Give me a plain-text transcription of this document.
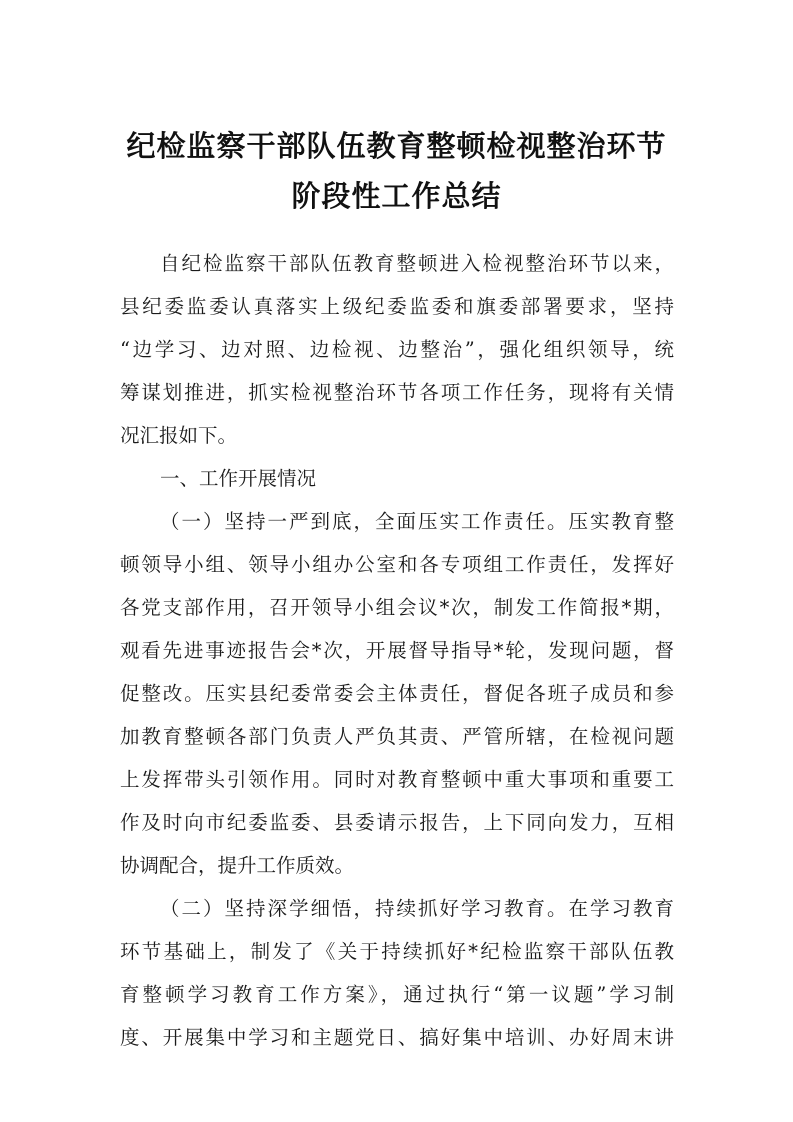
纪检监察干部队伍教育整顿检视整治环节
阶段性工作总结
自纪检监察干部队伍教育整顿进入检视整治环节以来，
县纪委监委认真落实上级纪委监委和旗委部署要求，坚持
“边学习、边对照、边检视、边整治”，强化组织领导，统
筹谋划推进，抓实检视整治环节各项工作任务，现将有关情
况汇报如下。
一、工作开展情况
（一）坚持一严到底，全面压实工作责任。压实教育整
顿领导小组、领导小组办公室和各专项组工作责任，发挥好
各党支部作用，召开领导小组会议*次，制发工作简报*期，
观看先进事迹报告会*次，开展督导指导*轮，发现问题，督
促整改。压实县纪委常委会主体责任，督促各班子成员和参
加教育整顿各部门负责人严负其责、严管所辖，在检视问题
上发挥带头引领作用。同时对教育整顿中重大事项和重要工
作及时向市纪委监委、县委请示报告，上下同向发力，互相
协调配合，提升工作质效。
（二）坚持深学细悟，持续抓好学习教育。在学习教育
环节基础上，制发了《关于持续抓好*纪检监察干部队伍教
育整顿学习教育工作方案》，通过执行“第一议题”学习制
度、开展集中学习和主题党日、搞好集中培训、办好周末讲
